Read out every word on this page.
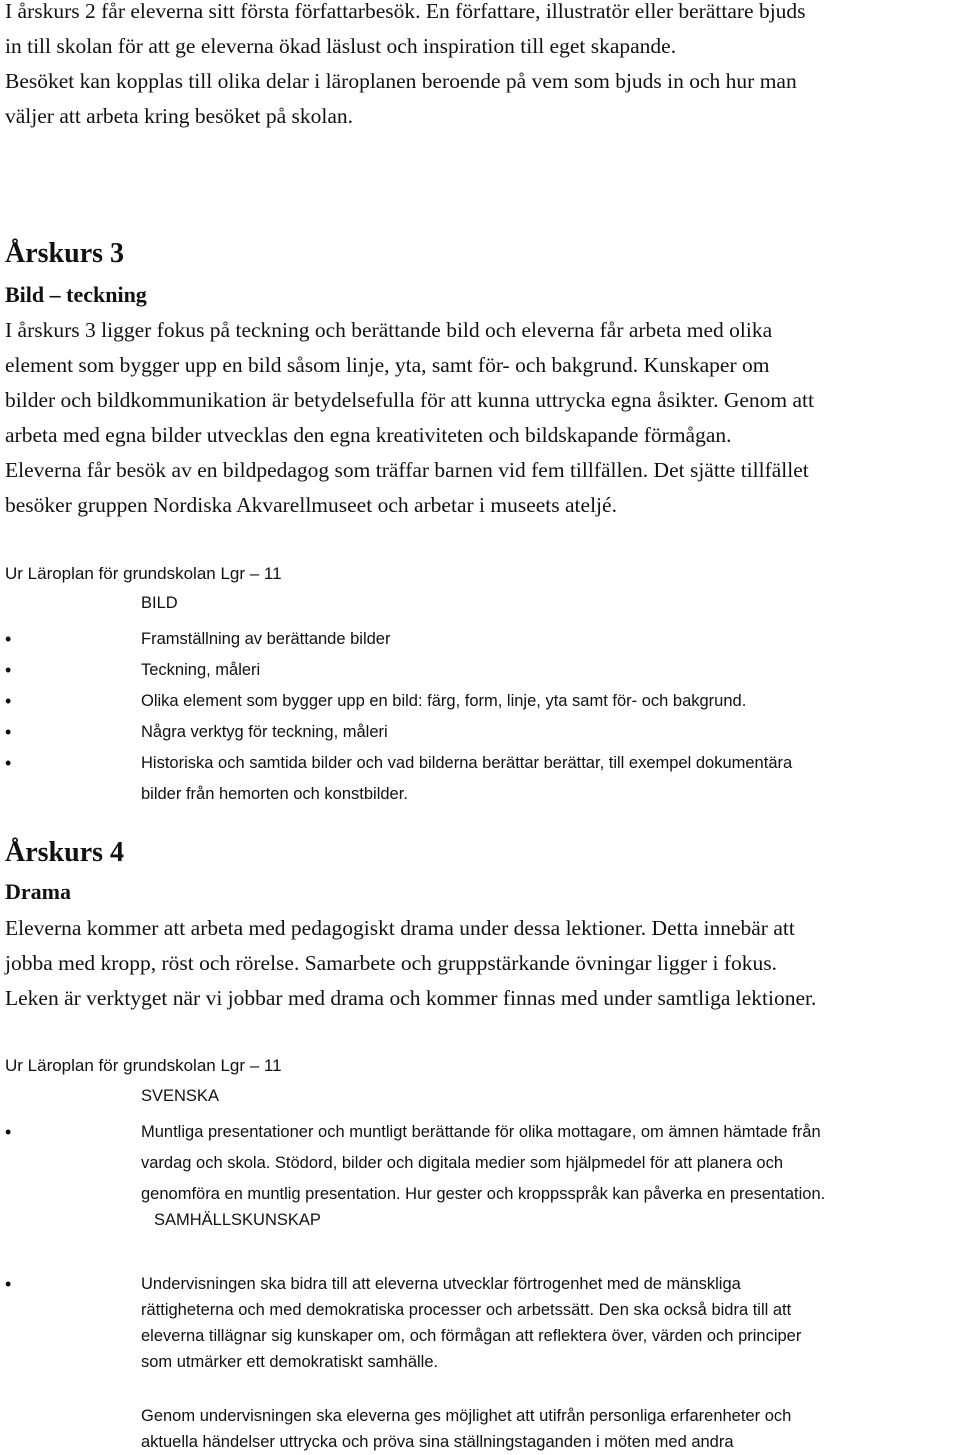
I årskurs 2 får eleverna sitt första författarbesök. En författare, illustratör eller berättare bjuds
in till skolan för att ge eleverna ökad läslust och inspiration till eget skapande.
Besöket kan kopplas till olika delar i läroplanen beroende på vem som bjuds in och hur man
väljer att arbeta kring besöket på skolan.
Årskurs 3
Bild – teckning
I årskurs 3 ligger fokus på teckning och berättande bild och eleverna får arbeta med olika
element som bygger upp en bild såsom linje, yta, samt för- och bakgrund. Kunskaper om
bilder och bildkommunikation är betydelsefulla för att kunna uttrycka egna åsikter. Genom att
arbeta med egna bilder utvecklas den egna kreativiteten och bildskapande förmågan.
Eleverna får besök av en bildpedagog som träffar barnen vid fem tillfällen. Det sjätte tillfället
besöker gruppen Nordiska Akvarellmuseet och arbetar i museets ateljé.
Ur Läroplan för grundskolan Lgr – 11
BILD
• Framställning av berättande bilder
• Teckning, måleri
• Olika element som bygger upp en bild: färg, form, linje, yta samt för- och bakgrund.
• Några verktyg för teckning, måleri
• Historiska och samtida bilder och vad bilderna berättar berättar, till exempel dokumentära
bilder från hemorten och konstbilder.
Årskurs 4
Drama
Eleverna kommer att arbeta med pedagogiskt drama under dessa lektioner. Detta innebär att
jobba med kropp, röst och rörelse. Samarbete och gruppstärkande övningar ligger i fokus.
Leken är verktyget när vi jobbar med drama och kommer finnas med under samtliga lektioner.
Ur Läroplan för grundskolan Lgr – 11
SVENSKA
• Muntliga presentationer och muntligt berättande för olika mottagare, om ämnen hämtade från
vardag och skola. Stödord, bilder och digitala medier som hjälpmedel för att planera och
genomföra en muntlig presentation. Hur gester och kroppsspråk kan påverka en presentation.
SAMHÄLLSKUNSKAP
• Undervisningen ska bidra till att eleverna utvecklar förtrogenhet med de mänskliga
rättigheterna och med demokratiska processer och arbetssätt. Den ska också bidra till att
eleverna tillägnar sig kunskaper om, och förmågan att reflektera över, värden och principer
som utmärker ett demokratiskt samhälle.
Genom undervisningen ska eleverna ges möjlighet att utifrån personliga erfarenheter och
aktuella händelser uttrycka och pröva sina ställningstaganden i möten med andra
